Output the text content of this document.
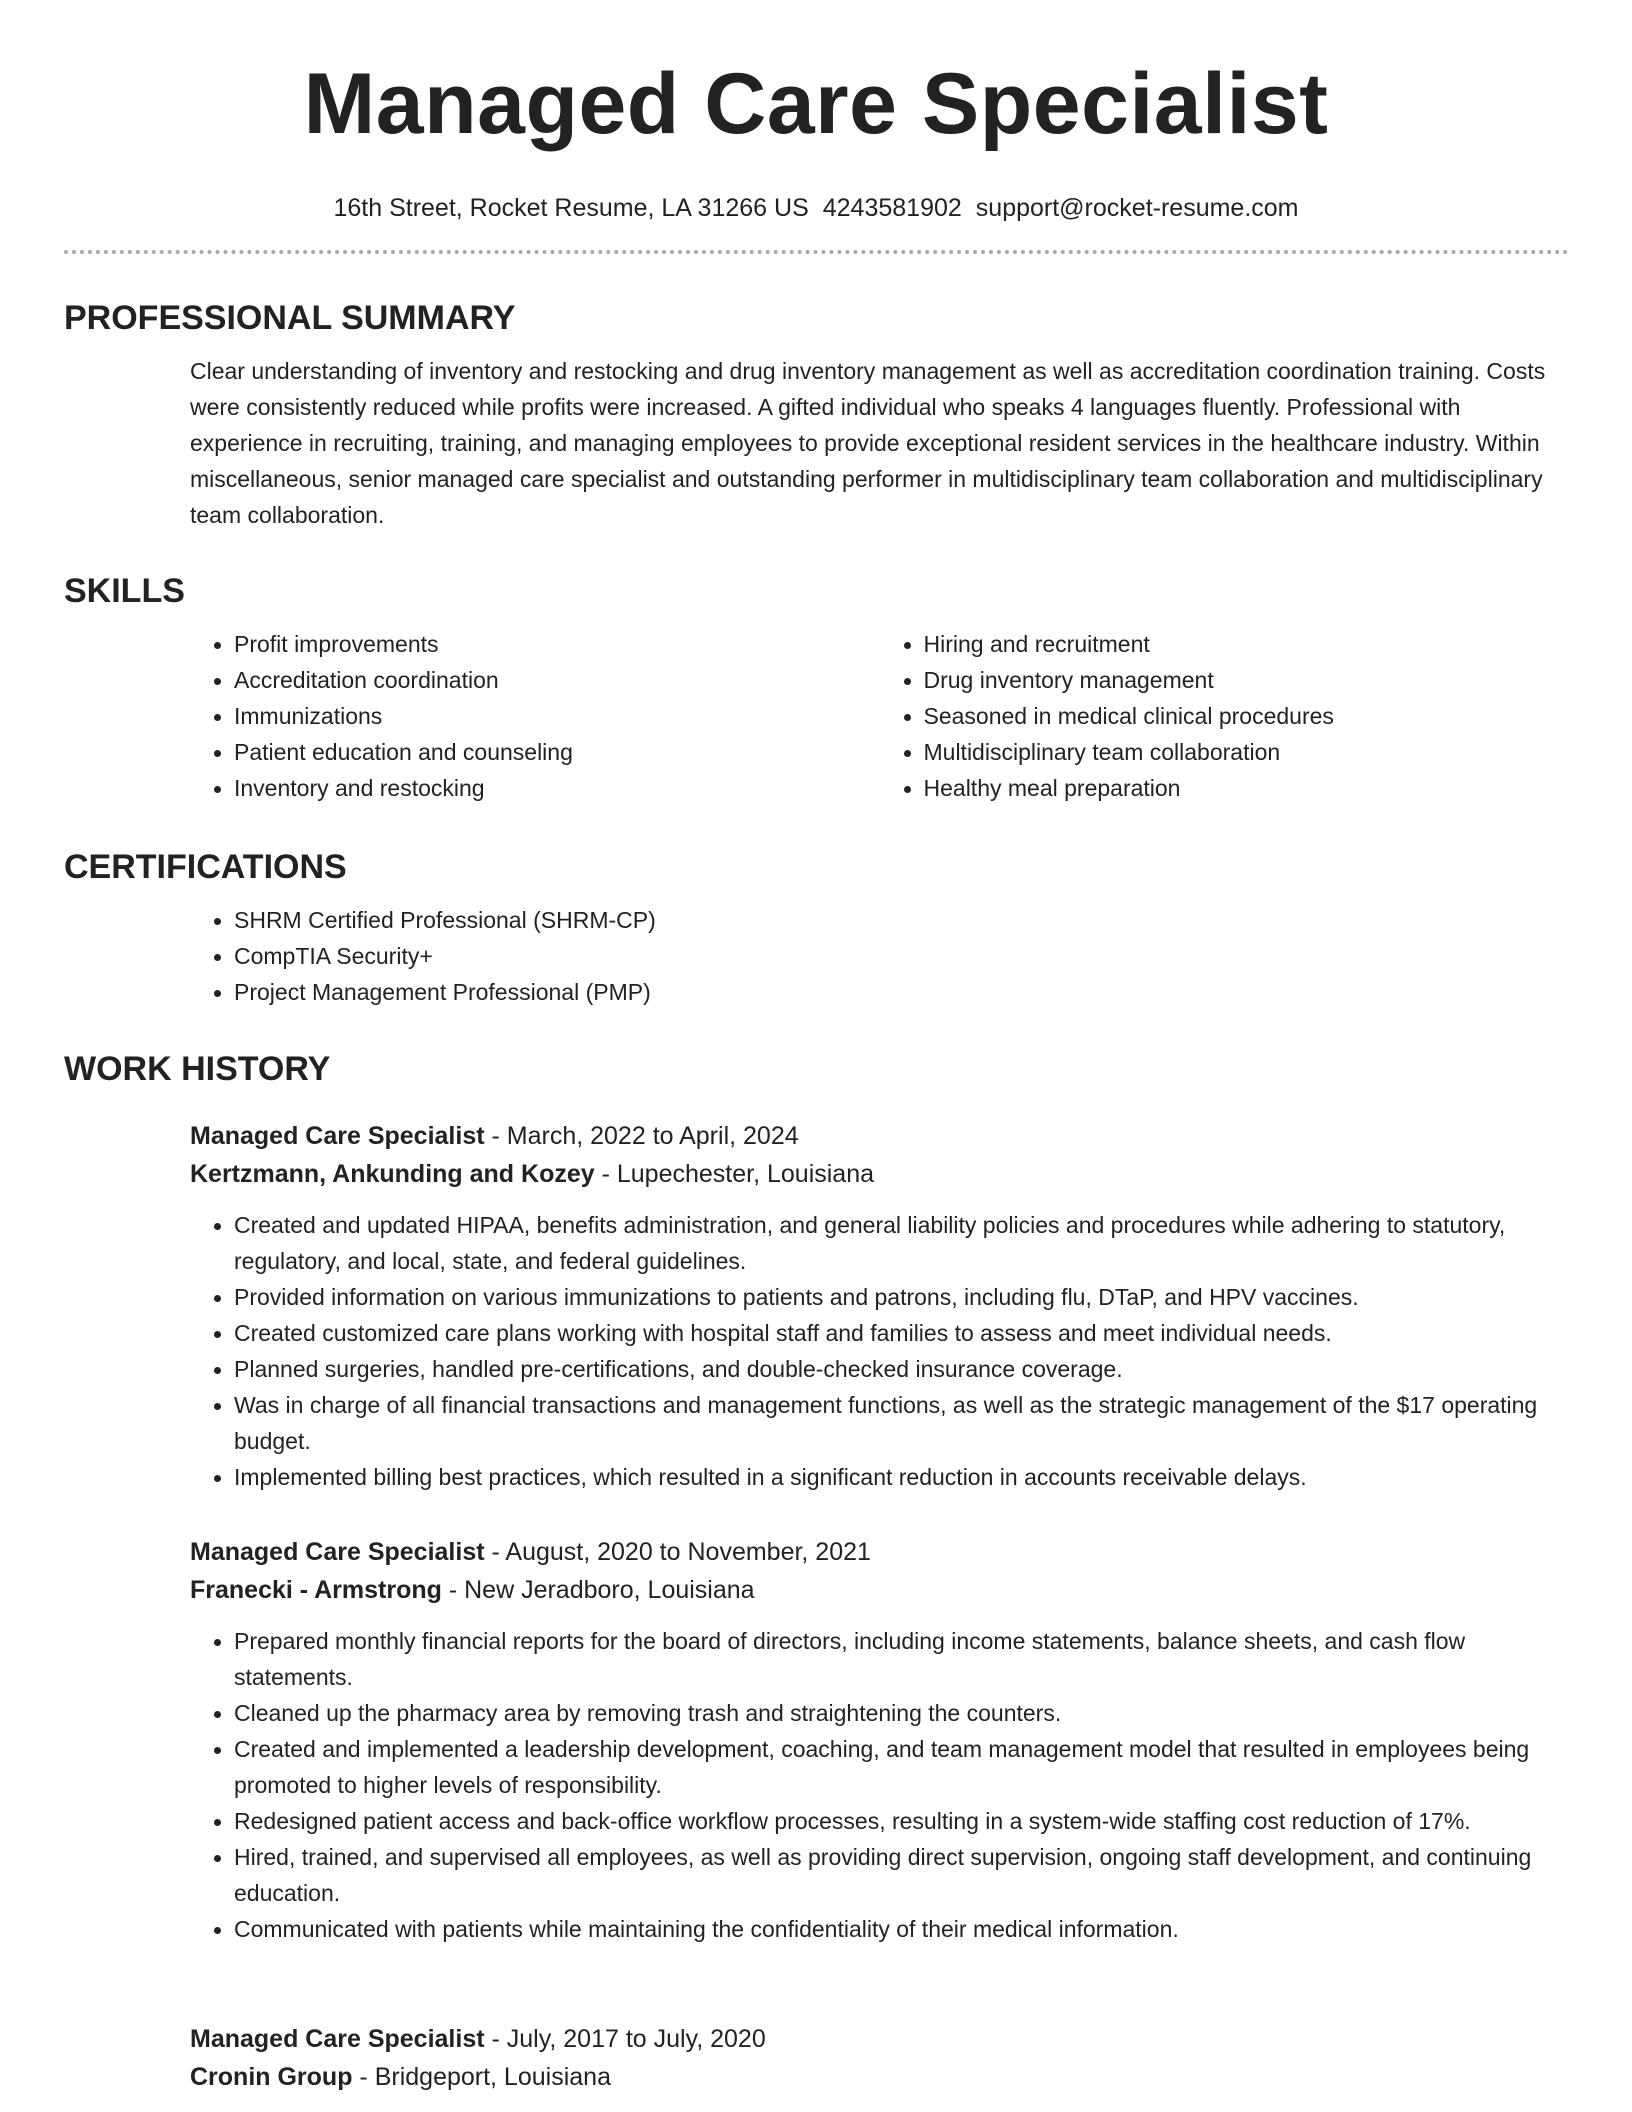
Managed Care Specialist
16th Street, Rocket Resume, LA 31266 US 4243581902 support@rocket-resume.com
PROFESSIONAL SUMMARY
Clear understanding of inventory and restocking and drug inventory management as well as accreditation coordination training. Costs were consistently reduced while profits were increased. A gifted individual who speaks 4 languages fluently. Professional with experience in recruiting, training, and managing employees to provide exceptional resident services in the healthcare industry. Within miscellaneous, senior managed care specialist and outstanding performer in multidisciplinary team collaboration and multidisciplinary team collaboration.
SKILLS
• Profit improvements
• Accreditation coordination
• Immunizations
• Patient education and counseling
• Inventory and restocking
• Hiring and recruitment
• Drug inventory management
• Seasoned in medical clinical procedures
• Multidisciplinary team collaboration
• Healthy meal preparation
CERTIFICATIONS
• SHRM Certified Professional (SHRM-CP)
• CompTIA Security+
• Project Management Professional (PMP)
WORK HISTORY
Managed Care Specialist - March, 2022 to April, 2024
Kertzmann, Ankunding and Kozey - Lupechester, Louisiana
• Created and updated HIPAA, benefits administration, and general liability policies and procedures while adhering to statutory, regulatory, and local, state, and federal guidelines.
• Provided information on various immunizations to patients and patrons, including flu, DTaP, and HPV vaccines.
• Created customized care plans working with hospital staff and families to assess and meet individual needs.
• Planned surgeries, handled pre-certifications, and double-checked insurance coverage.
• Was in charge of all financial transactions and management functions, as well as the strategic management of the $17 operating budget.
• Implemented billing best practices, which resulted in a significant reduction in accounts receivable delays.
Managed Care Specialist - August, 2020 to November, 2021
Franecki - Armstrong - New Jeradboro, Louisiana
• Prepared monthly financial reports for the board of directors, including income statements, balance sheets, and cash flow statements.
• Cleaned up the pharmacy area by removing trash and straightening the counters.
• Created and implemented a leadership development, coaching, and team management model that resulted in employees being promoted to higher levels of responsibility.
• Redesigned patient access and back-office workflow processes, resulting in a system-wide staffing cost reduction of 17%.
• Hired, trained, and supervised all employees, as well as providing direct supervision, ongoing staff development, and continuing education.
• Communicated with patients while maintaining the confidentiality of their medical information.
Managed Care Specialist - July, 2017 to July, 2020
Cronin Group - Bridgeport, Louisiana
